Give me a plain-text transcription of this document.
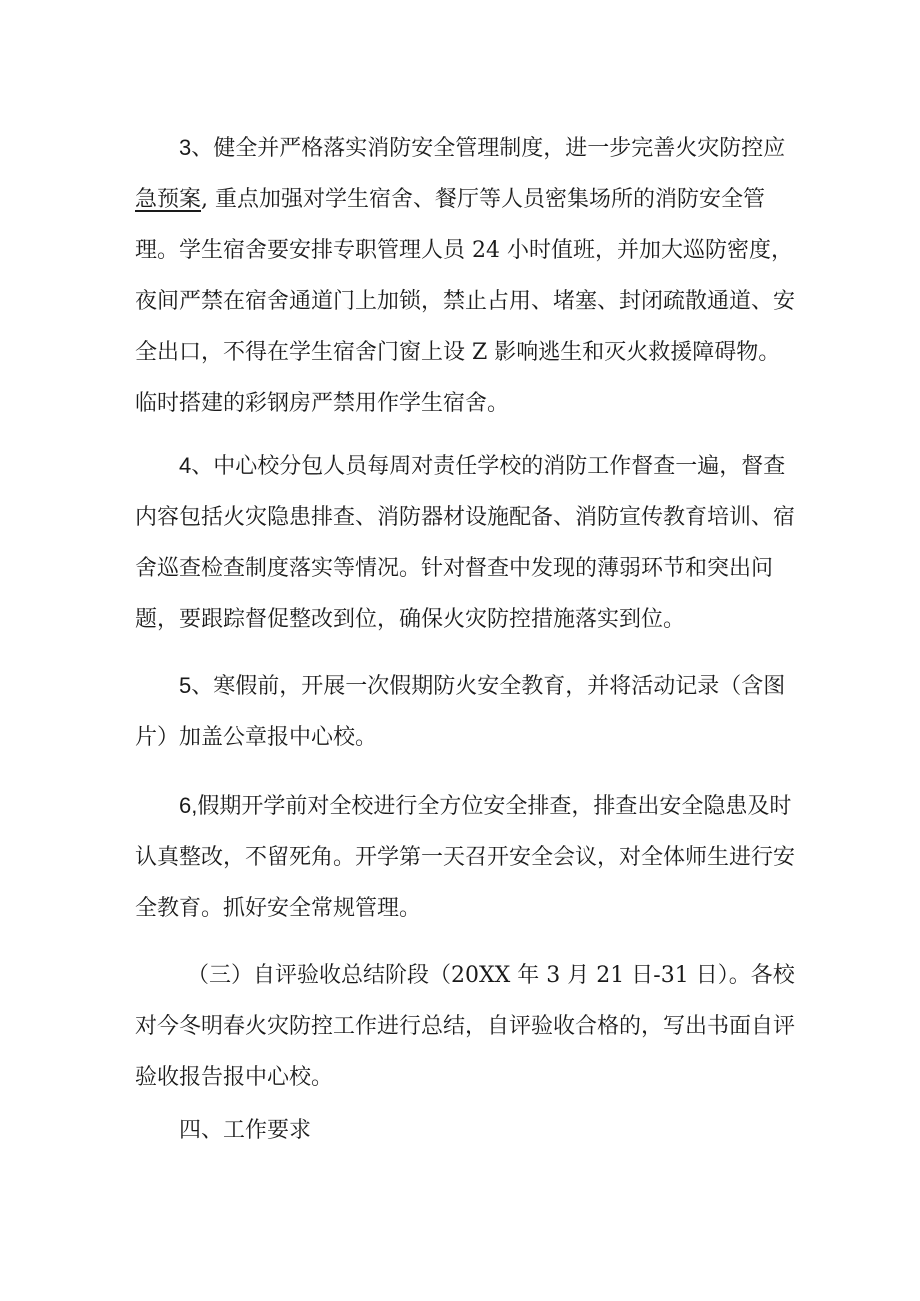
3、健全并严格落实消防安全管理制度，进一步完善火灾防控应急预案, 重点加强对学生宿舍、餐厅等人员密集场所的消防安全管理。学生宿舍要安排专职管理人员 24 小时值班，并加大巡防密度，夜间严禁在宿舍通道门上加锁，禁止占用、堵塞、封闭疏散通道、安全出口，不得在学生宿舍门窗上设 Z 影响逃生和灭火救援障碍物。临时搭建的彩钢房严禁用作学生宿舍。

4、中心校分包人员每周对责任学校的消防工作督查一遍，督查内容包括火灾隐患排查、消防器材设施配备、消防宣传教育培训、宿舍巡查检查制度落实等情况。针对督查中发现的薄弱环节和突出问题，要跟踪督促整改到位，确保火灾防控措施落实到位。

5、寒假前，开展一次假期防火安全教育，并将活动记录（含图片）加盖公章报中心校。

6,假期开学前对全校进行全方位安全排查，排查出安全隐患及时认真整改，不留死角。开学第一天召开安全会议，对全体师生进行安全教育。抓好安全常规管理。

（三）自评验收总结阶段（20XX 年 3 月 21 日-31 日）。各校对今冬明春火灾防控工作进行总结，自评验收合格的，写出书面自评验收报告报中心校。

四、工作要求
